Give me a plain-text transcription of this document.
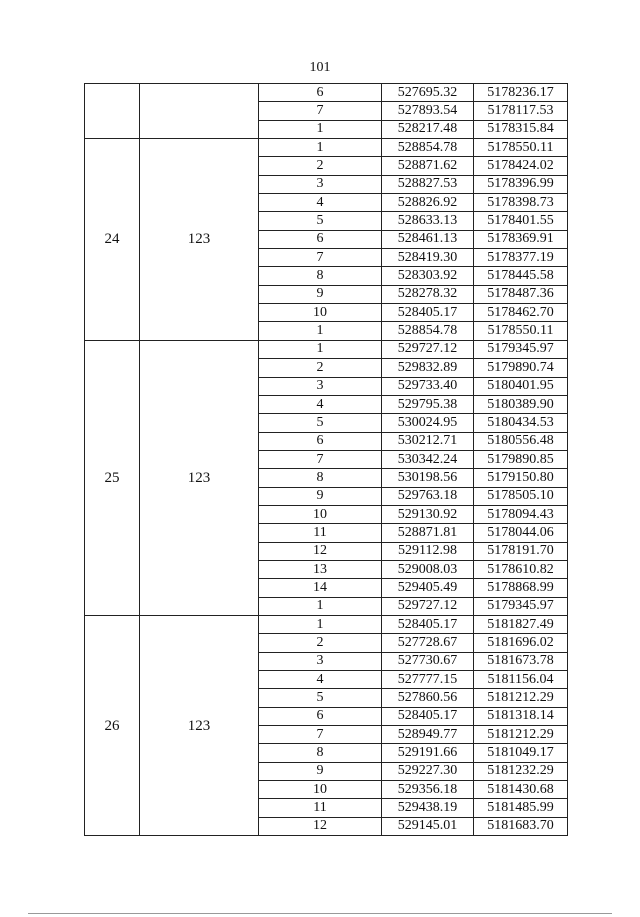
101
		6	527695.32	5178236.17
		7	527893.54	5178117.53
		1	528217.48	5178315.84
24	123	1	528854.78	5178550.11
		2	528871.62	5178424.02
		3	528827.53	5178396.99
		4	528826.92	5178398.73
		5	528633.13	5178401.55
		6	528461.13	5178369.91
		7	528419.30	5178377.19
		8	528303.92	5178445.58
		9	528278.32	5178487.36
		10	528405.17	5178462.70
		1	528854.78	5178550.11
25	123	1	529727.12	5179345.97
		2	529832.89	5179890.74
		3	529733.40	5180401.95
		4	529795.38	5180389.90
		5	530024.95	5180434.53
		6	530212.71	5180556.48
		7	530342.24	5179890.85
		8	530198.56	5179150.80
		9	529763.18	5178505.10
		10	529130.92	5178094.43
		11	528871.81	5178044.06
		12	529112.98	5178191.70
		13	529008.03	5178610.82
		14	529405.49	5178868.99
		1	529727.12	5179345.97
26	123	1	528405.17	5181827.49
		2	527728.67	5181696.02
		3	527730.67	5181673.78
		4	527777.15	5181156.04
		5	527860.56	5181212.29
		6	528405.17	5181318.14
		7	528949.77	5181212.29
		8	529191.66	5181049.17
		9	529227.30	5181232.29
		10	529356.18	5181430.68
		11	529438.19	5181485.99
		12	529145.01	5181683.70
